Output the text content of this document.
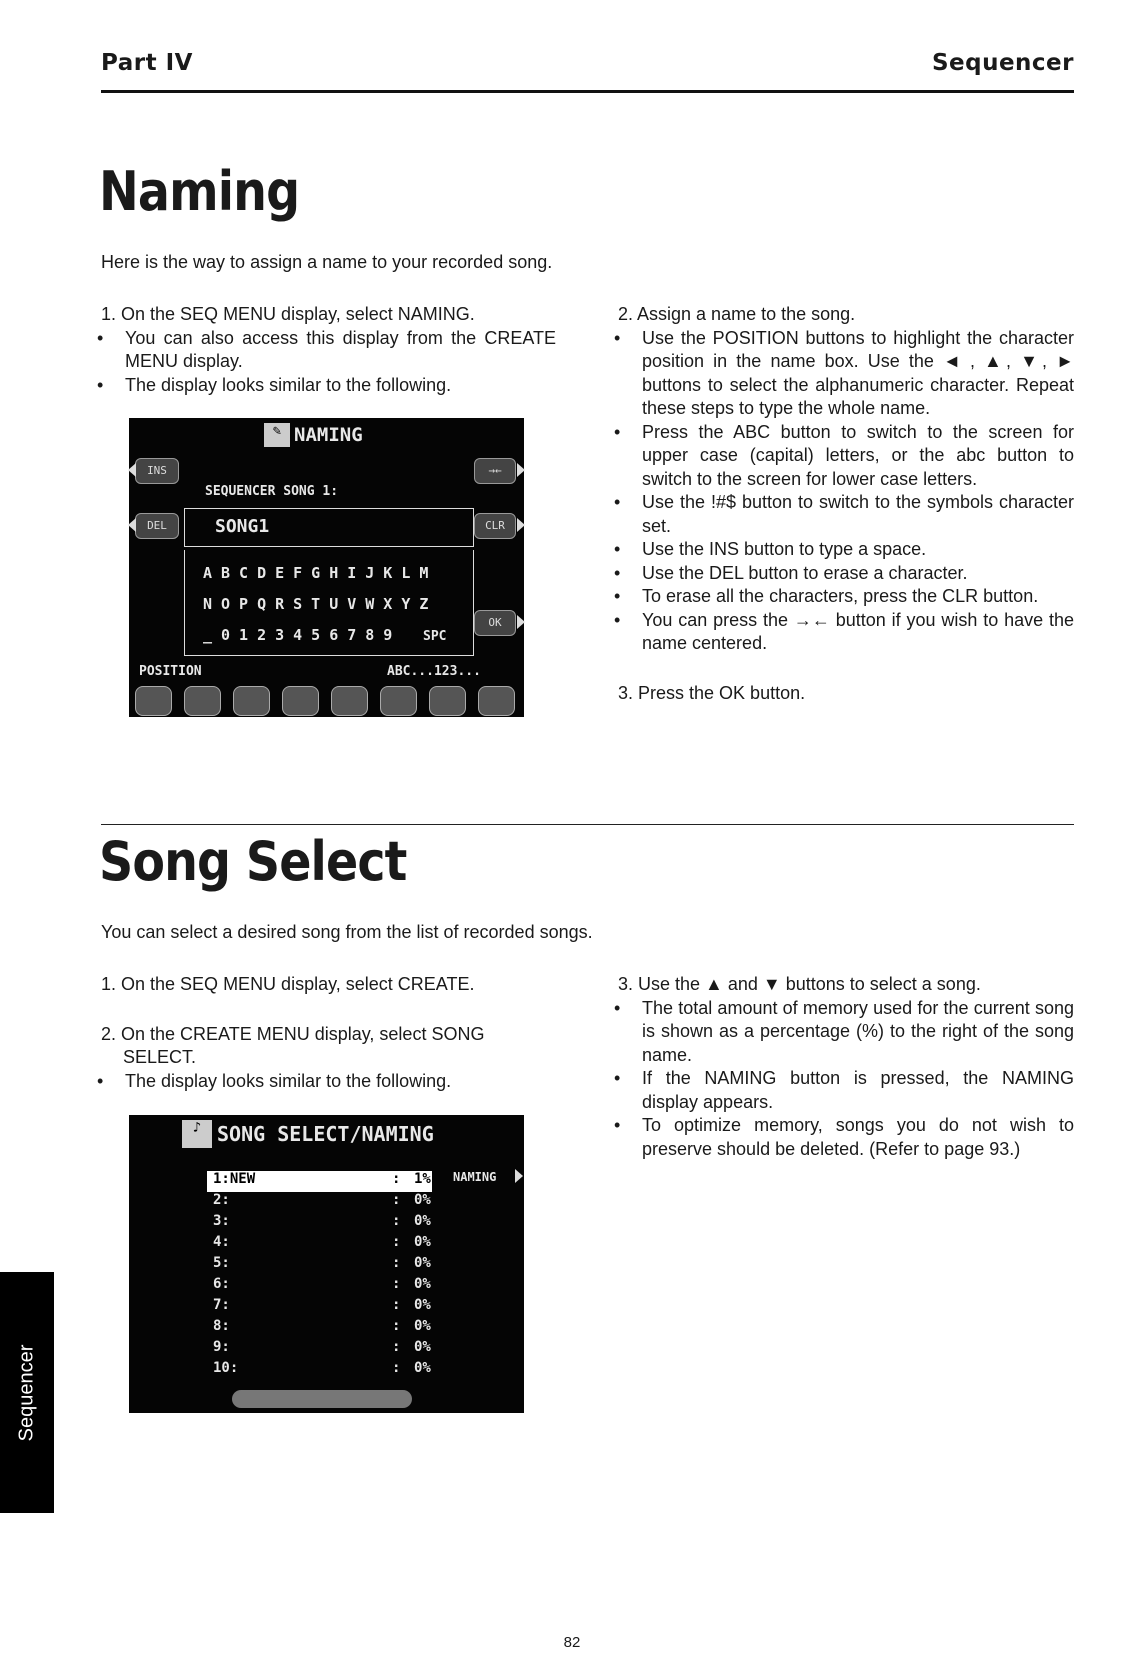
Part IV	Sequencer
Naming
Here is the way to assign a name to your recorded song.

1. On the SEQ MENU display, select NAMING.

• You can also access this display from the CREATE MENU display.

• The display looks similar to the following.

2. Assign a name to the song.

• Use the POSITION buttons to highlight the character position in the name box. Use the ◄ , ▲, ▼, ► buttons to select the alphanumeric character. Repeat these steps to type the whole name.

• Press the ABC button to switch to the screen for upper case (capital) letters, or the abc button to switch to the screen for lower case letters.

• Use the !#$ button to switch to the symbols character set.

• Use the INS button to type a space.

• Use the DEL button to erase a character.

• To erase all the characters, press the CLR button.

• You can press the →← button if you wish to have the name centered.

3. Press the OK button.

✎ NAMING
INS	→←
SEQUENCER SONG 1:
DEL	CLR
SONG1
ABCDEFGHIJKLM
NOPQRSTUVWXYZ
_0123456789 SPC
OK
POSITION	ABC...123...
Song Select
You can select a desired song from the list of recorded songs.

1. On the SEQ MENU display, select CREATE.

2. On the CREATE MENU display, select SONG SELECT.

• The display looks similar to the following.

3. Use the ▲ and ▼ buttons to select a song.

• The total amount of memory used for the current song is shown as a percentage (%) to the right of the song name.

• If the NAMING button is pressed, the NAMING display appears.

• To optimize memory, songs you do not wish to preserve should be deleted. (Refer to page 93.)

♪ SONG SELECT/NAMING
NAMING
1:NEW	: 1%
2:	: 0%
3:	: 0%
4:	: 0%
5:	: 0%
6:	: 0%
7:	: 0%
8:	: 0%
9:	: 0%
10:	: 0%
Sequencer
82
